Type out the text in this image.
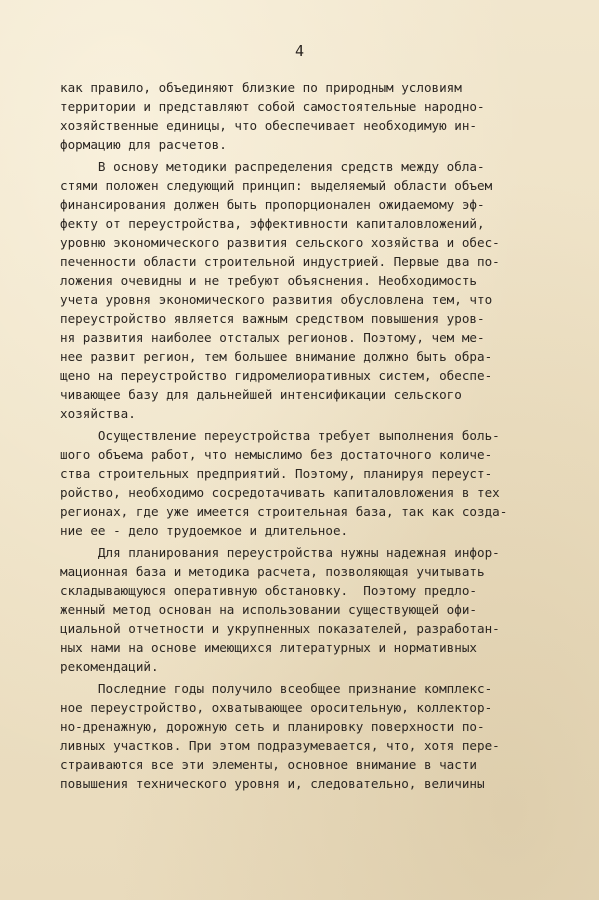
4
как правило, объединяют близкие по природным условиям
территории и представляют собой самостоятельные народно-
хозяйственные единицы, что обеспечивает необходимую ин-
формацию для расчетов.
В основу методики распределения средств между обла-
стями положен следующий принцип: выделяемый области объем
финансирования должен быть пропорционален ожидаемому эф-
фекту от переустройства, эффективности капиталовложений,
уровню экономического развития сельского хозяйства и обес-
печенности области строительной индустрией. Первые два по-
ложения очевидны и не требуют объяснения. Необходимость
учета уровня экономического развития обусловлена тем, что
переустройство является важным средством повышения уров-
ня развития наиболее отсталых регионов. Поэтому, чем ме-
нее развит регион, тем большее внимание должно быть обра-
щено на переустройство гидромелиоративных систем, обеспе-
чивающее базу для дальнейшей интенсификации сельского
хозяйства.
Осуществление переустройства требует выполнения боль-
шого объема работ, что немыслимо без достаточного количе-
ства строительных предприятий. Поэтому, планируя переуст-
ройство, необходимо сосредотачивать капиталовложения в тех
регионах, где уже имеется строительная база, так как созда-
ние ее - дело трудоемкое и длительное.
Для планирования переустройства нужны надежная инфор-
мационная база и методика расчета, позволяющая учитывать
складывающуюся оперативную обстановку.  Поэтому предло-
женный метод основан на использовании существующей офи-
циальной отчетности и укрупненных показателей, разработан-
ных нами на основе имеющихся литературных и нормативных
рекомендаций.
Последние годы получило всеобщее признание комплекс-
ное переустройство, охватывающее оросительную, коллектор-
но-дренажную, дорожную сеть и планировку поверхности по-
ливных участков. При этом подразумевается, что, хотя пере-
страиваются все эти элементы, основное внимание в части
повышения технического уровня и, следовательно, величины
